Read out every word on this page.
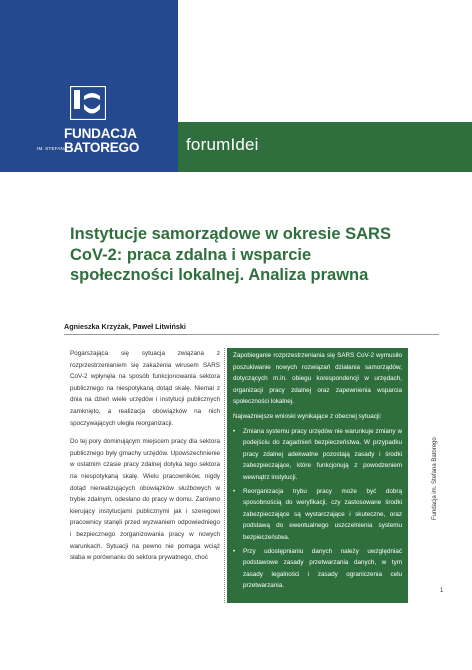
FUNDACJA
IM. STEFANA
BATOREGO	forumIdei
Instytucje samorządowe w okresie SARS CoV-2: praca zdalna i wsparcie społeczności lokalnej. Analiza prawna
Agnieszka Krzyżak, Paweł Litwiński

Pogarszająca się sytuacja związana z rozprzestrzenianiem się zakażenia wirusem SARS CoV-2 wpłynęła na sposób funkcjonowania sektora publicznego na niespotykaną dotąd skalę. Niemal z dnia na dzień wiele urzędów i instytucji publicznych zamknięto, a realizacja obowiązków na nich spoczywających uległa reorganizacji.

Do tej pory dominującym miejscem pracy dla sektora publicznego były gmachy urzędów. Upowszechnienie w ostatnim czasie pracy zdalnej dotyka tego sektora na niespotykaną skalę. Wielu pracowników, nigdy dotąd nierealizujących obowiązków służbowych w trybie zdalnym, odesłano do pracy w domu. Zarówno kierujący instytucjami publicznymi jak i szeregowi pracownicy stanęli przed wyzwaniem odpowiedniego i bezpiecznego zorganizowania pracy w nowych warunkach. Sytuacji na pewno nie pomaga wciąż słaba w porównaniu do sektora prywatnego, choć

Zapobieganie rozprzestrzeniania się SARS CoV-2 wymusiło poszukiwanie nowych rozwiązań działania samorządów, dotyczących m.in. obiegu korespondencji w urzędach, organizacji pracy zdalnej oraz zapewnienia wsparcia społeczności lokalnej.

Najważniejsze wnioski wynikające z obecnej sytuacji:

• Zmiana systemu pracy urzędów nie warunkuje zmiany w podejściu do zagadnień bezpieczeństwa. W przypadku pracy zdalnej adekwatne pozostają zasady i środki zabezpieczające, które funkcjonują z powodzeniem wewnątrz instytucji.
• Reorganizacja trybu pracy może być dobrą sposobnością do weryfikacji, czy zastosowane środki zabezpieczające są wystarczające i skuteczne, oraz podstawą do ewentualnego uszczelnienia systemu bezpieczeństwa.
• Przy udostępnianiu danych należy uwzględniać podstawowe zasady przetwarzania danych, w tym zasady legalności i zasady ograniczenia celu przetwarzania.
Fundacja im. Stefana Batorego
1
